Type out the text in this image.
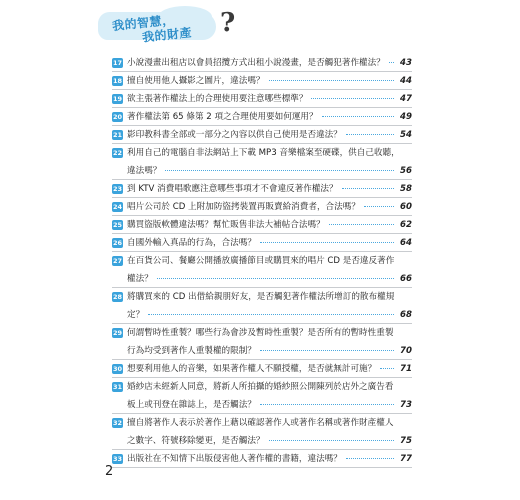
我的智慧，
我的財產 ?
17 小說漫畫出租店以會員招攬方式出租小說漫畫，是否觸犯著作權法？ 43
18 擅自使用他人攝影之圖片，違法嗎？	44
19 欲主張著作權法上的合理使用要注意哪些標準？	47
20 著作權法第 65 條第 2 項之合理使用要如何運用？	49
21 影印教科書全部或一部分之內容以供自己使用是否違法？	54
22 利用自己的電腦自非法網站上下載 MP3 音樂檔案至硬碟，供自己收聽，
違法嗎？	56
23 到 KTV 消費唱歌應注意哪些事項才不會違反著作權法？	58
24 唱片公司於 CD 上附加防盜拷裝置再販賣給消費者，合法嗎？	60
25 購買盜版軟體違法嗎？幫忙販售非法大補帖合法嗎？	62
26 自國外輸入真品的行為，合法嗎？	64
27 在百貨公司、餐廳公開播放廣播節目或購買來的唱片 CD 是否違反著作
權法？	66
28 將購買來的 CD 出借給親朋好友，是否觸犯著作權法所增訂的散布權規
定？	68
29 何謂暫時性重製？哪些行為會涉及暫時性重製？是否所有的暫時性重製
行為均受到著作人重製權的限制？	70
30 想要利用他人的音樂，如果著作權人不願授權，是否就無計可施？	71
31 婚紗店未經新人同意，將新人所拍攝的婚紗照公開陳列於店外之廣告看
板上或刊登在雜誌上，是否觸法？	73
32 擅自將著作人表示於著作上藉以確認著作人或著作名稱或著作財產權人
之數字、符號移除變更，是否觸法？	75
33 出版社在不知情下出版侵害他人著作權的書籍，違法嗎？	77
2
